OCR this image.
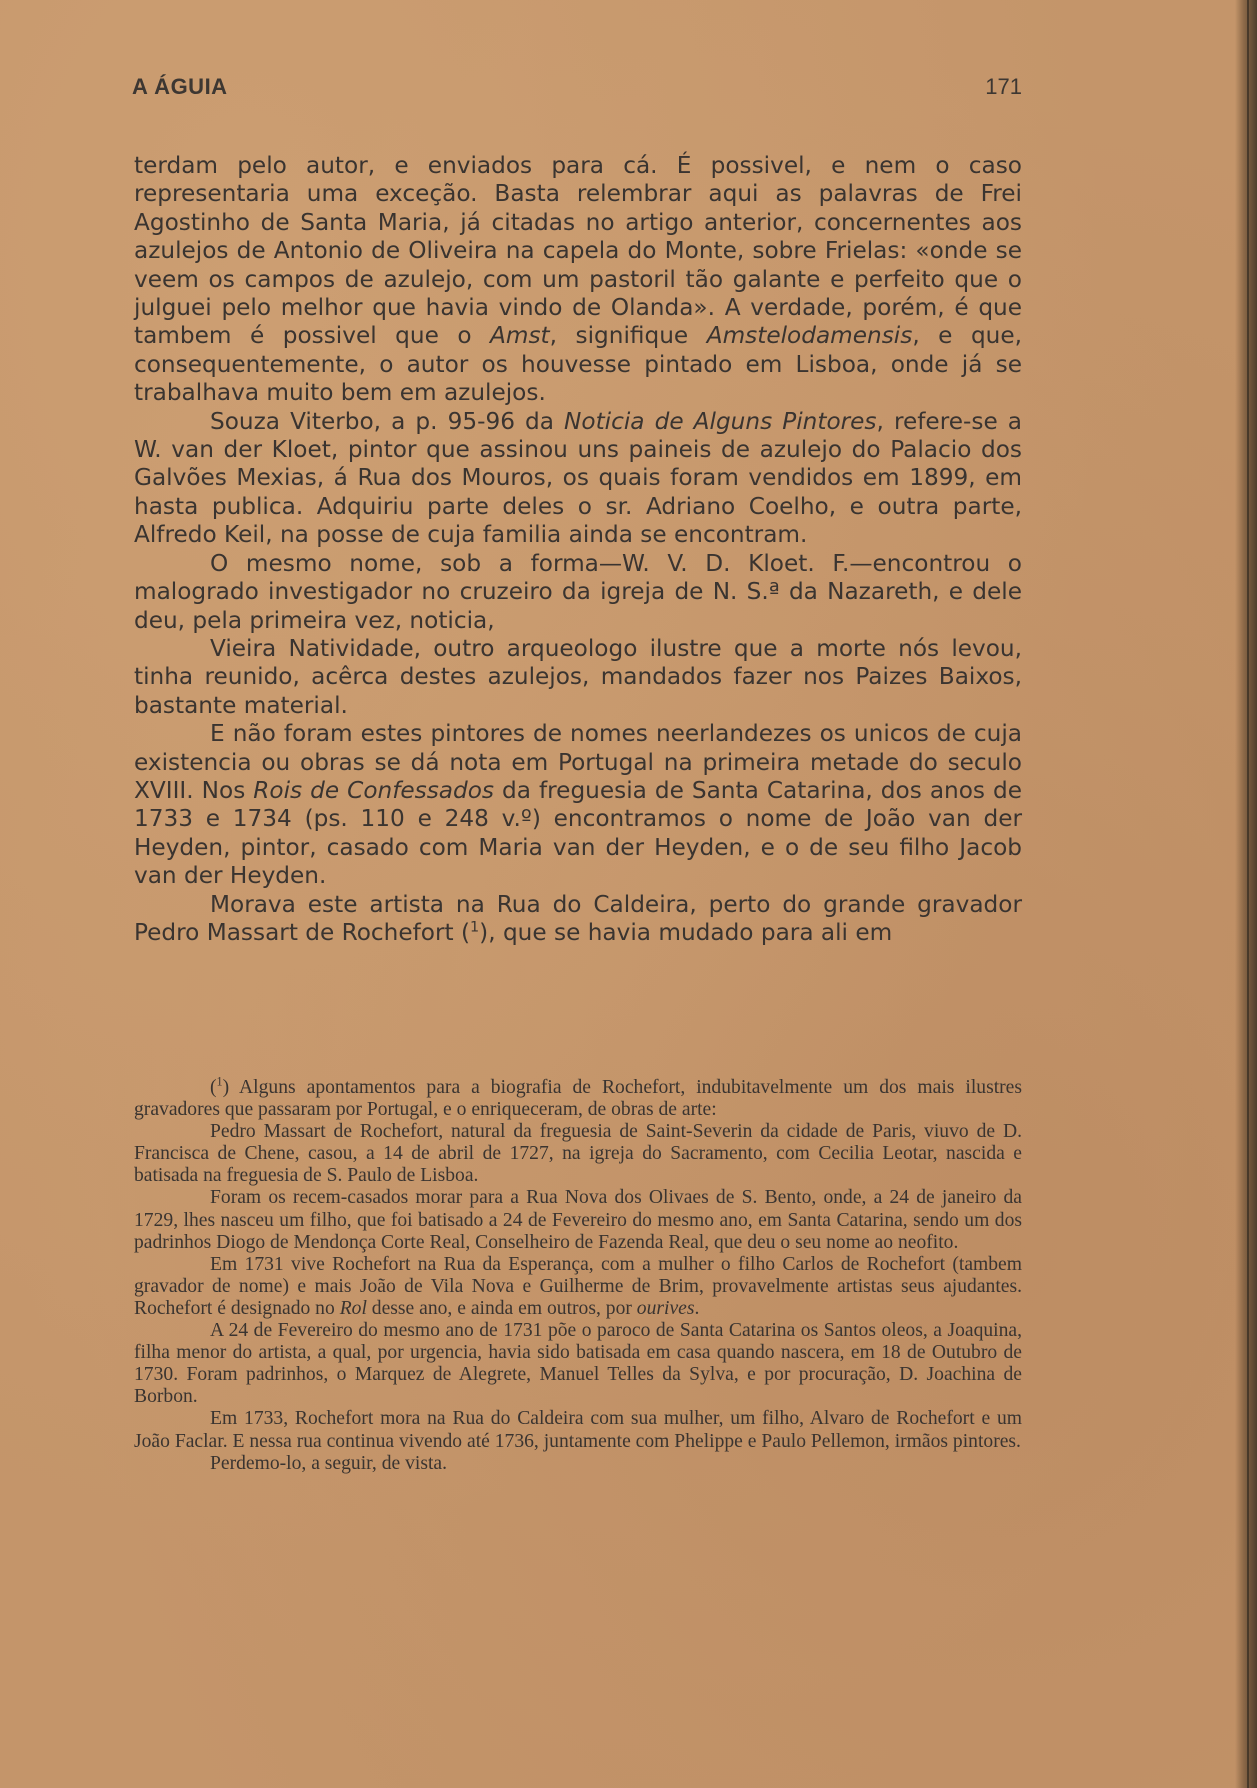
A ÁGUIA	171

terdam pelo autor, e enviados para cá. É possivel, e nem o caso representaria uma exceção. Basta relembrar aqui as palavras de Frei Agostinho de Santa Maria, já citadas no artigo anterior, concernentes aos azulejos de Antonio de Oliveira na capela do Monte, sobre Frielas: «onde se veem os campos de azulejo, com um pastoril tão galante e perfeito que o julguei pelo melhor que havia vindo de Olanda». A verdade, porém, é que tambem é possivel que o Amst, signifique Amstelodamensis, e que, consequentemente, o autor os houvesse pintado em Lisboa, onde já se trabalhava muito bem em azulejos.

Souza Viterbo, a p. 95-96 da Noticia de Alguns Pintores, refere-se a W. van der Kloet, pintor que assinou uns paineis de azulejo do Palacio dos Galvões Mexias, á Rua dos Mouros, os quais foram vendidos em 1899, em hasta publica. Adquiriu parte deles o sr. Adriano Coelho, e outra parte, Alfredo Keil, na posse de cuja familia ainda se encontram.

O mesmo nome, sob a forma—W. V. D. Kloet. F.—encontrou o malogrado investigador no cruzeiro da igreja de N. S.ª da Nazareth, e dele deu, pela primeira vez, noticia,

Vieira Natividade, outro arqueologo ilustre que a morte nós levou, tinha reunido, acêrca destes azulejos, mandados fazer nos Paizes Baixos, bastante material.

E não foram estes pintores de nomes neerlandezes os unicos de cuja existencia ou obras se dá nota em Portugal na primeira metade do seculo XVIII. Nos Rois de Confessados da freguesia de Santa Catarina, dos anos de 1733 e 1734 (ps. 110 e 248 v.º) encontramos o nome de João van der Heyden, pintor, casado com Maria van der Heyden, e o de seu filho Jacob van der Heyden.

Morava este artista na Rua do Caldeira, perto do grande gravador Pedro Massart de Rochefort ($^1$), que se havia mudado para ali em

($^1$) Alguns apontamentos para a biografia de Rochefort, indubitavelmente um dos mais ilustres gravadores que passaram por Portugal, e o enriqueceram, de obras de arte:

Pedro Massart de Rochefort, natural da freguesia de Saint-Severin da cidade de Paris, viuvo de D. Francisca de Chene, casou, a 14 de abril de 1727, na igreja do Sacramento, com Cecilia Leotar, nascida e batisada na freguesia de S. Paulo de Lisboa.

Foram os recem-casados morar para a Rua Nova dos Olivaes de S. Bento, onde, a 24 de janeiro da 1729, lhes nasceu um filho, que foi batisado a 24 de Fevereiro do mesmo ano, em Santa Catarina, sendo um dos padrinhos Diogo de Mendonça Corte Real, Conselheiro de Fazenda Real, que deu o seu nome ao neofito.

Em 1731 vive Rochefort na Rua da Esperança, com a mulher o filho Carlos de Rochefort (tambem gravador de nome) e mais João de Vila Nova e Guilherme de Brim, provavelmente artistas seus ajudantes. Rochefort é designado no Rol desse ano, e ainda em outros, por ourives.

A 24 de Fevereiro do mesmo ano de 1731 põe o paroco de Santa Catarina os Santos oleos, a Joaquina, filha menor do artista, a qual, por urgencia, havia sido batisada em casa quando nascera, em 18 de Outubro de 1730. Foram padrinhos, o Marquez de Alegrete, Manuel Telles da Sylva, e por procuração, D. Joachina de Borbon.

Em 1733, Rochefort mora na Rua do Caldeira com sua mulher, um filho, Alvaro de Rochefort e um João Faclar. E nessa rua continua vivendo até 1736, juntamente com Phelippe e Paulo Pellemon, irmãos pintores.

Perdemo-lo, a seguir, de vista.
